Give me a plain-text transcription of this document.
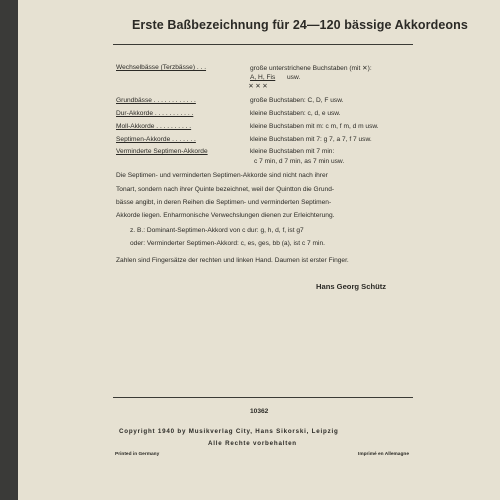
Erste Baßbezeichnung für 24—120 bässige Akkordeons
Wechselbässe (Terzbässe) . . .	große unterstrichene Buchstaben (mit ✕):
A, H, Fis usw.
✕✕✕
Grundbässe . . . . . . . . . . . .	große Buchstaben: C, D, F usw.
Dur-Akkorde . . . . . . . . . . .	kleine Buchstaben: c, d, e usw.
Moll-Akkorde . . . . . . . . . .	kleine Buchstaben mit m: c m, f m, d m usw.
Septimen-Akkorde . . . . . . .	kleine Buchstaben mit 7: g 7, a 7, f 7 usw.
Verminderte Septimen-Akkorde	kleine Buchstaben mit 7 min:
c 7 min, d 7 min, as 7 min usw.
Die Septimen- und verminderten Septimen-Akkorde sind nicht nach ihrer
Tonart, sondern nach ihrer Quinte bezeichnet, weil der Quintton die Grund-
bässe angibt, in deren Reihen die Septimen- und verminderten Septimen-
Akkorde liegen. Enharmonische Verwechslungen dienen zur Erleichterung.
z. B.: Dominant-Septimen-Akkord von c dur: g, h, d, f, ist g7
oder: Verminderter Septimen-Akkord: c, es, ges, bb (a), ist c 7 min.
Zahlen sind Fingersätze der rechten und linken Hand. Daumen ist erster Finger.
Hans Georg Schütz
10362
Copyright 1940 by Musikverlag City, Hans Sikorski, Leipzig
Alle Rechte vorbehalten
Printed in Germany	Imprimé en Allemagne
